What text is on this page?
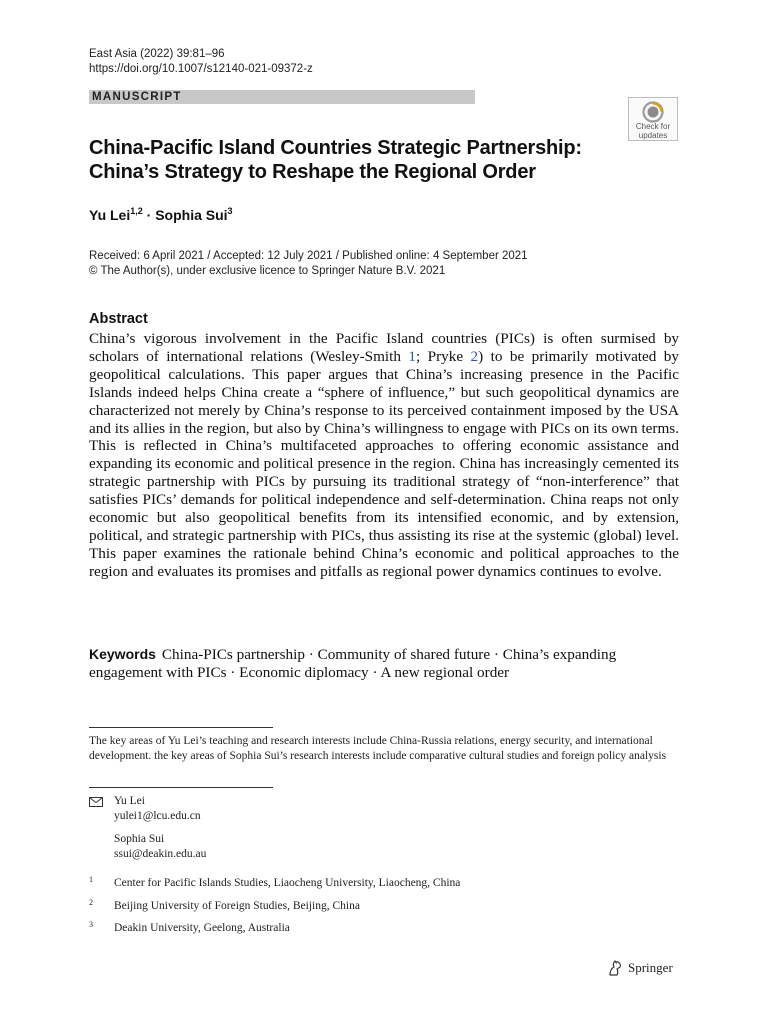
East Asia (2022) 39:81–96
https://doi.org/10.1007/s12140-021-09372-z
MANUSCRIPT
Check for
updates
China-Pacific Island Countries Strategic Partnership: China’s Strategy to Reshape the Regional Order
Yu Lei$^{1,2}$ · Sophia Sui$^3$
Received: 6 April 2021 / Accepted: 12 July 2021 / Published online: 4 September 2021
© The Author(s), under exclusive licence to Springer Nature B.V. 2021
Abstract
China’s vigorous involvement in the Pacific Island countries (PICs) is often surmised by scholars of international relations (Wesley-Smith 1; Pryke 2) to be primarily motivated by geopolitical calculations. This paper argues that China’s increasing presence in the Pacific Islands indeed helps China create a “sphere of influence,” but such geopolitical dynamics are characterized not merely by China’s response to its perceived containment imposed by the USA and its allies in the region, but also by China’s willingness to engage with PICs on its own terms. This is reflected in China’s multifaceted approaches to offering economic assistance and expanding its economic and political presence in the region. China has increasingly cemented its strategic partnership with PICs by pursuing its traditional strategy of “non-interference” that satisfies PICs’ demands for political independence and self-determination. China reaps not only economic but also geopolitical benefits from its intensified economic, and by extension, political, and strategic partnership with PICs, thus assisting its rise at the systemic (global) level. This paper examines the rationale behind China’s economic and political approaches to the region and evaluates its promises and pitfalls as regional power dynamics continues to evolve.
Keywords China-PICs partnership · Community of shared future · China’s expanding engagement with PICs · Economic diplomacy · A new regional order
The key areas of Yu Lei’s teaching and research interests include China-Russia relations, energy security, and international development. the key areas of Sophia Sui’s research interests include comparative cultural studies and foreign policy analysis
Yu Lei
yulei1@lcu.edu.cn
Sophia Sui
ssui@deakin.edu.au
1 Center for Pacific Islands Studies, Liaocheng University, Liaocheng, China
2 Beijing University of Foreign Studies, Beijing, China
3 Deakin University, Geelong, Australia
Springer
